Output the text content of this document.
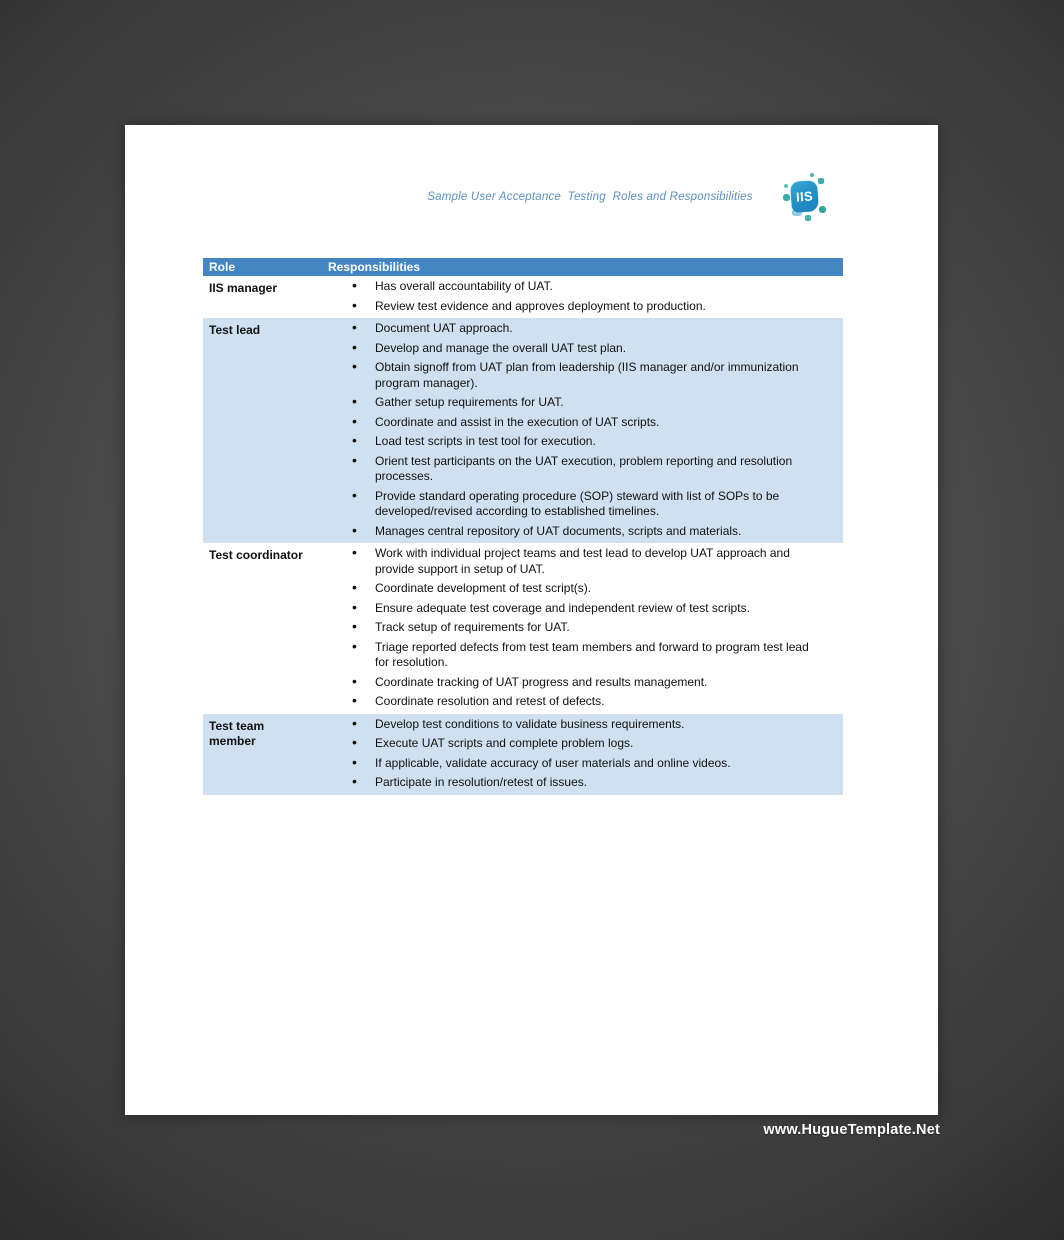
Sample User Acceptance  Testing  Roles and Responsibilities	IIS
Role	Responsibilities
IIS manager	• Has overall accountability of UAT.
• Review test evidence and approves deployment to production.
Test lead	• Document UAT approach.
• Develop and manage the overall UAT test plan.
• Obtain signoff from UAT plan from leadership (IIS manager and/or immunization program manager).
• Gather setup requirements for UAT.
• Coordinate and assist in the execution of UAT scripts.
• Load test scripts in test tool for execution.
• Orient test participants on the UAT execution, problem reporting and resolution processes.
• Provide standard operating procedure (SOP) steward with list of SOPs to be developed/revised according to established timelines.
• Manages central repository of UAT documents, scripts and materials.
Test coordinator	• Work with individual project teams and test lead to develop UAT approach and provide support in setup of UAT.
• Coordinate development of test script(s).
• Ensure adequate test coverage and independent review of test scripts.
• Track setup of requirements for UAT.
• Triage reported defects from test team members and forward to program test lead for resolution.
• Coordinate tracking of UAT progress and results management.
• Coordinate resolution and retest of defects.
Test team member
• Develop test conditions to validate business requirements.
• Execute UAT scripts and complete problem logs.
• If applicable, validate accuracy of user materials and online videos.
• Participate in resolution/retest of issues.
www.HugueTemplate.Net
